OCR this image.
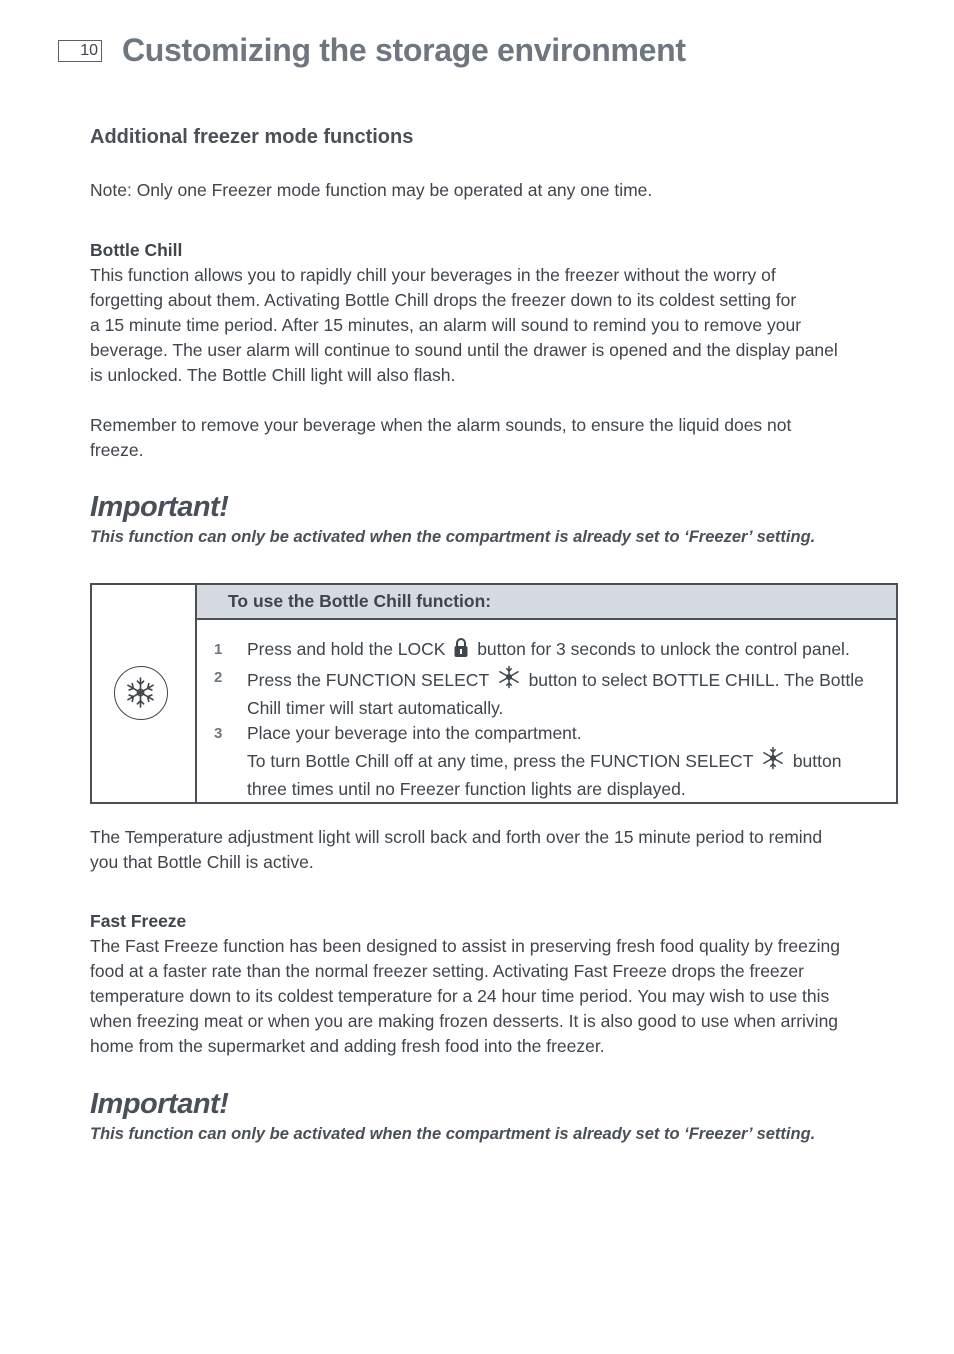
10 Customizing the storage environment
Additional freezer mode functions

Note: Only one Freezer mode function may be operated at any one time.

Bottle Chill
This function allows you to rapidly chill your beverages in the freezer without the worry of
forgetting about them. Activating Bottle Chill drops the freezer down to its coldest setting for
a 15 minute time period. After 15 minutes, an alarm will sound to remind you to remove your
beverage. The user alarm will continue to sound until the drawer is opened and the display panel
is unlocked. The Bottle Chill light will also flash.
Remember to remove your beverage when the alarm sounds, to ensure the liquid does not
freeze.
Important!

This function can only be activated when the compartment is already set to ‘Freezer’ setting.

To use the Bottle Chill function:
1 Press and hold the LOCK button for 3 seconds to unlock the control panel.
2 Press the FUNCTION SELECT button to select BOTTLE CHILL. The Bottle
Chill timer will start automatically.
3 Place your beverage into the compartment.
To turn Bottle Chill off at any time, press the FUNCTION SELECT button
three times until no Freezer function lights are displayed.
The Temperature adjustment light will scroll back and forth over the 15 minute period to remind
you that Bottle Chill is active.
Fast Freeze
The Fast Freeze function has been designed to assist in preserving fresh food quality by freezing
food at a faster rate than the normal freezer setting. Activating Fast Freeze drops the freezer
temperature down to its coldest temperature for a 24 hour time period. You may wish to use this
when freezing meat or when you are making frozen desserts. It is also good to use when arriving
home from the supermarket and adding fresh food into the freezer.
Important!

This function can only be activated when the compartment is already set to ‘Freezer’ setting.
